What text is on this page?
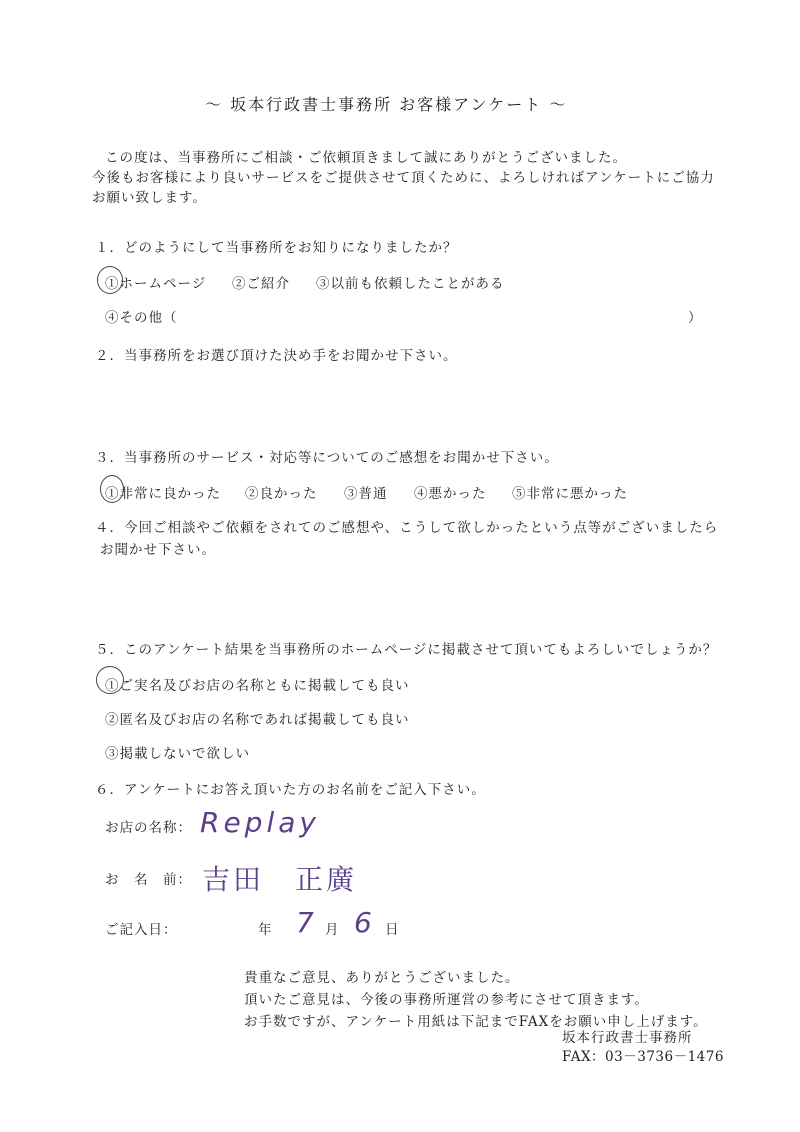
～ 坂本行政書士事務所 お客様アンケート ～
この度は、当事務所にご相談・ご依頼頂きまして誠にありがとうございました。
今後もお客様により良いサービスをご提供させて頂くために、よろしければアンケートにご協力
お願い致します。
１．どのようにして当事務所をお知りになりましたか？
①ホームページ ②ご紹介 ③以前も依頼したことがある
④その他（	）
２．当事務所をお選び頂けた決め手をお聞かせ下さい。
３．当事務所のサービス・対応等についてのご感想をお聞かせ下さい。
①非常に良かった ②良かった ③普通 ④悪かった ⑤非常に悪かった
４．今回ご相談やご依頼をされてのご感想や、こうして欲しかったという点等がございましたら
お聞かせ下さい。
５．このアンケート結果を当事務所のホームページに掲載させて頂いてもよろしいでしょうか？
①ご実名及びお店の名称ともに掲載しても良い
②匿名及びお店の名称であれば掲載しても良い
③掲載しないで欲しい
６．アンケートにお答え頂いた方のお名前をご記入下さい。
お店の名称： Replay
お　名　前： 吉田　正廣
ご記入日：	年 7 月 6 日
貴重なご意見、ありがとうございました。
頂いたご意見は、今後の事務所運営の参考にさせて頂きます。
お手数ですが、アンケート用紙は下記までFAXをお願い申し上げます。
坂本行政書士事務所
FAX：03－3736－1476
